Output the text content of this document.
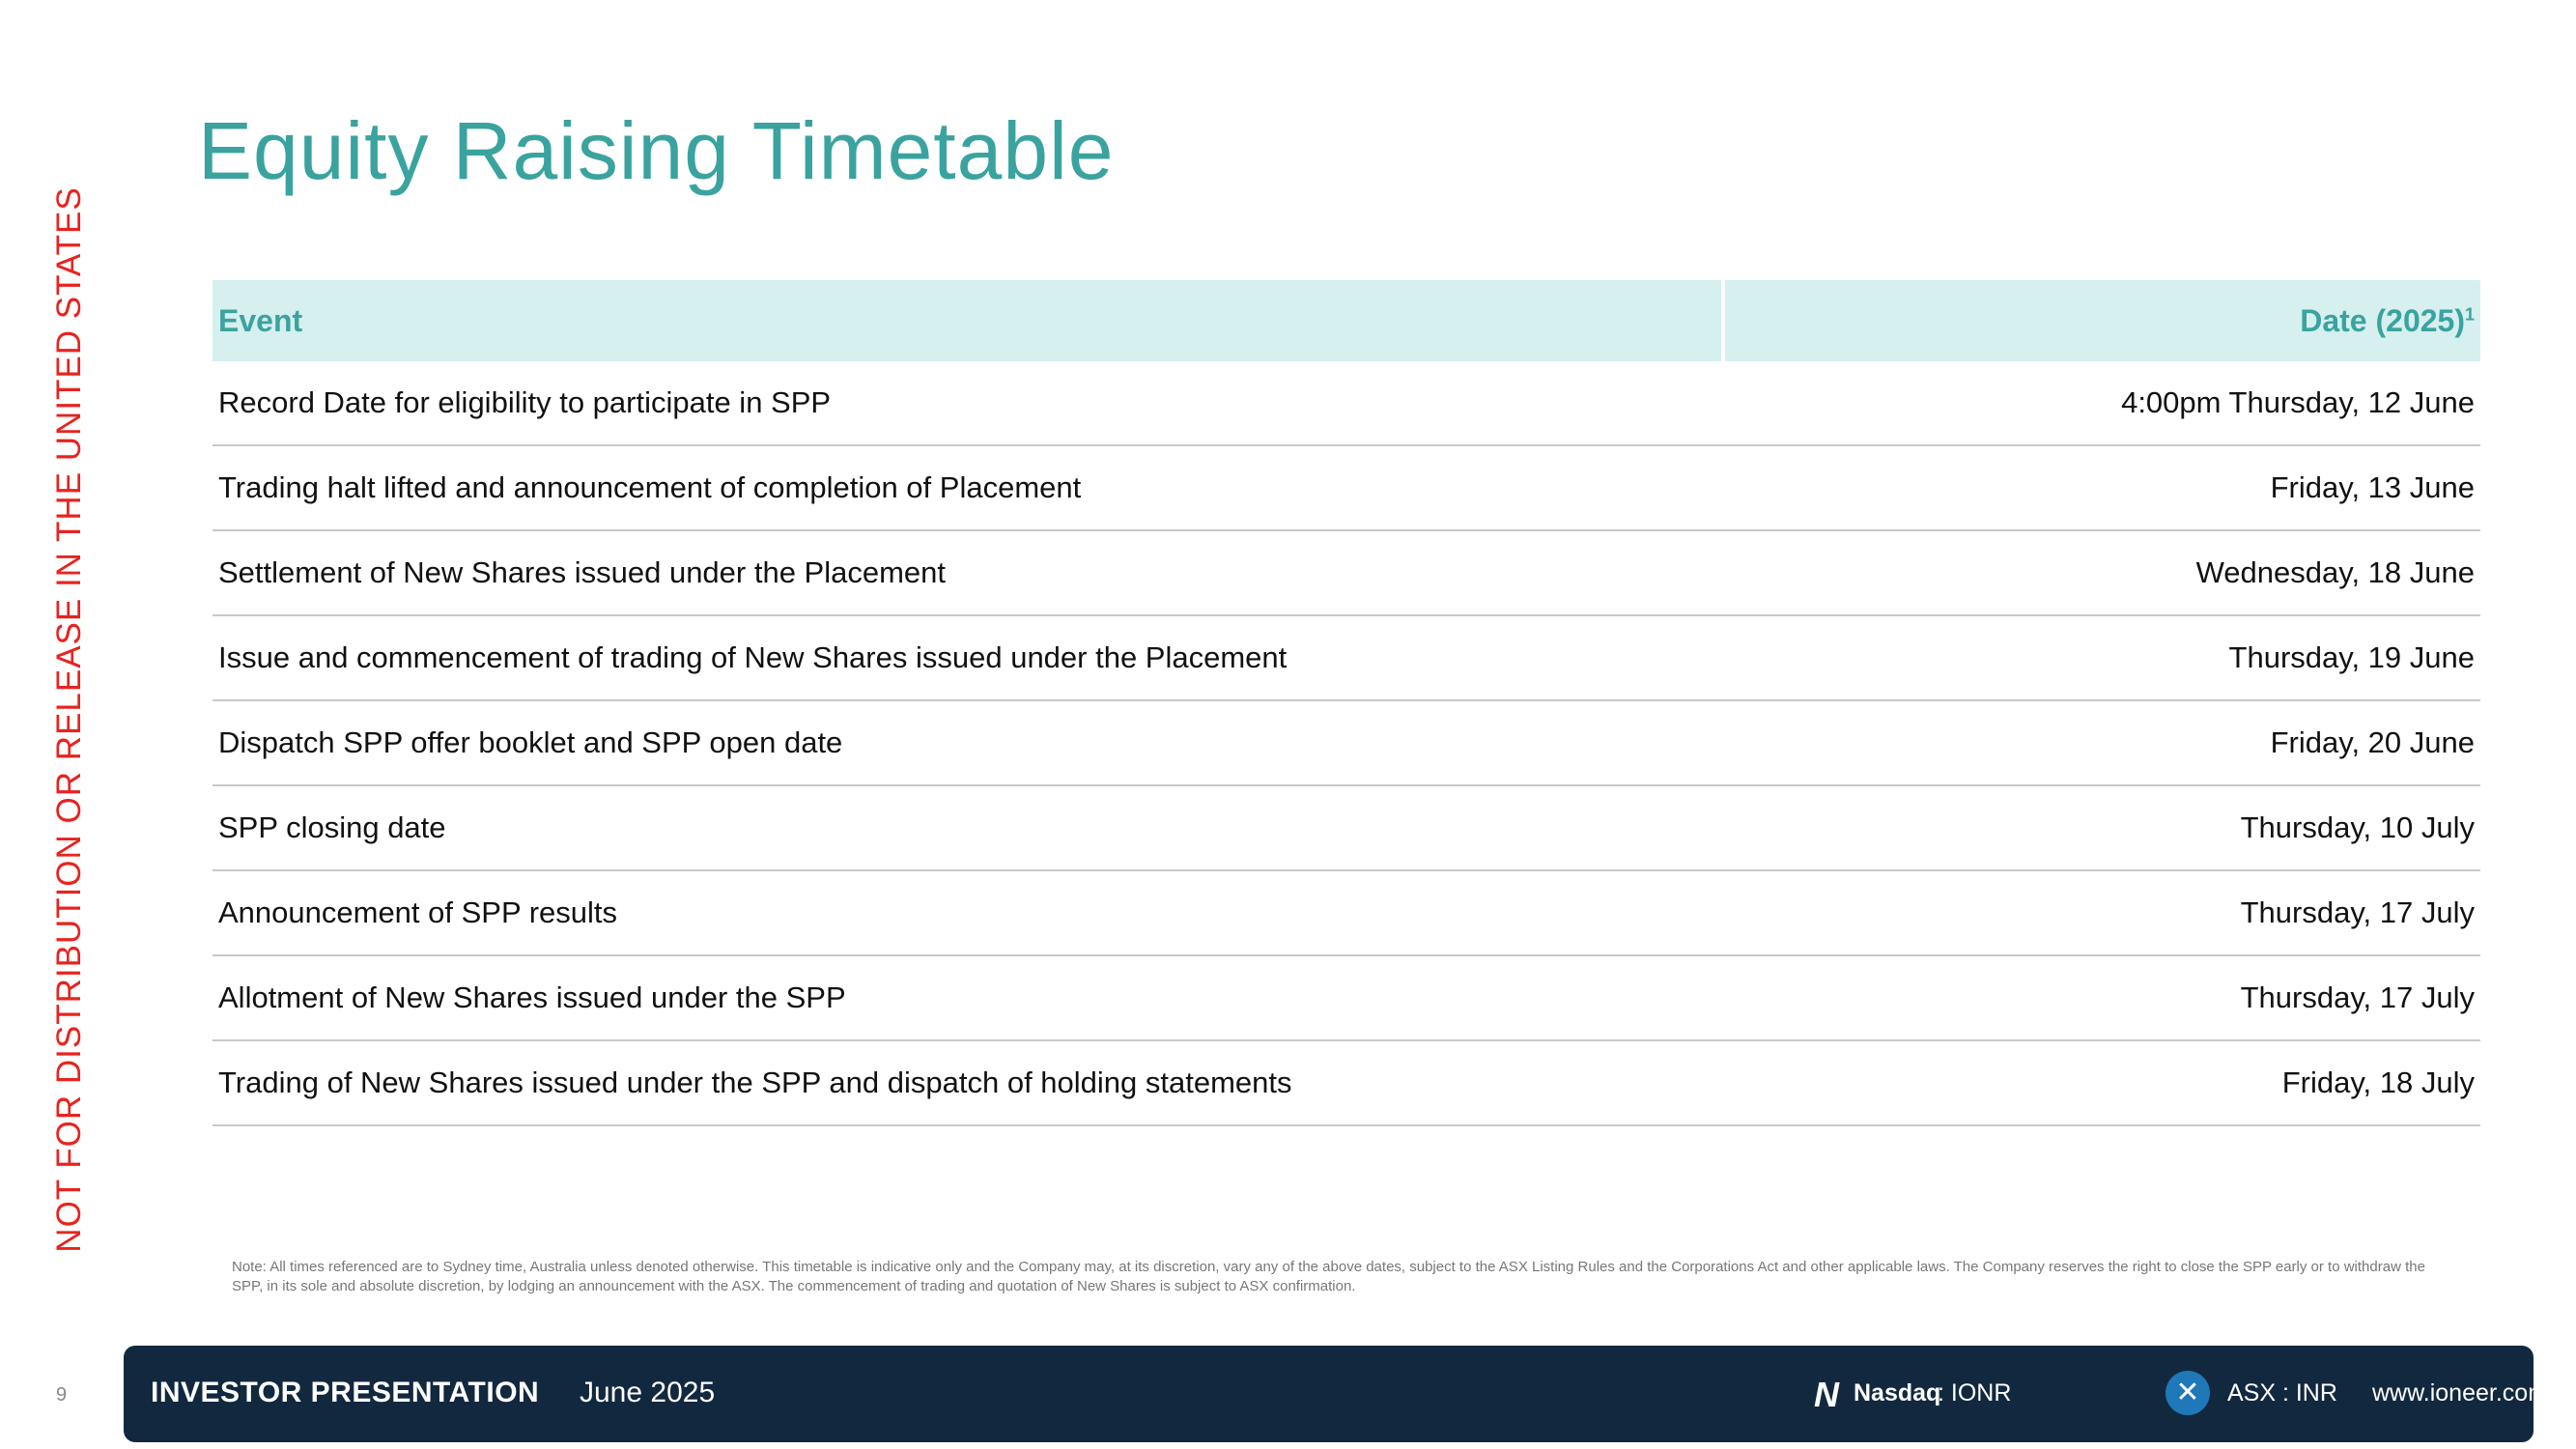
NOT FOR DISTRIBUTION OR RELEASE IN THE UNITED STATES
Equity Raising Timetable
Event	Date $(2025)^1$
Record Date for eligibility to participate in SPP	4:00pm Thursday, 12 June
Trading halt lifted and announcement of completion of Placement	Friday, 13 June
Settlement of New Shares issued under the Placement	Wednesday, 18 June
Issue and commencement of trading of New Shares issued under the Placement	Thursday, 19 June
Dispatch SPP offer booklet and SPP open date	Friday, 20 June
SPP closing date	Thursday, 10 July
Announcement of SPP results	Thursday, 17 July
Allotment of New Shares issued under the SPP	Thursday, 17 July
Trading of New Shares issued under the SPP and dispatch of holding statements	Friday, 18 July
Note: All times referenced are to Sydney time, Australia unless denoted otherwise. This timetable is indicative only and the Company may, at its discretion, vary any of the above dates, subject to the ASX Listing Rules and the Corporations Act and other applicable laws. The Company reserves the right to close the SPP early or to withdraw the SPP, in its sole and absolute discretion, by lodging an announcement with the ASX. The commencement of trading and quotation of New Shares is subject to ASX confirmation.
9	INVESTOR PRESENTATION June 2025	N Nasdaq
: IONR	✕	ASX : INR www.ioneer.com
